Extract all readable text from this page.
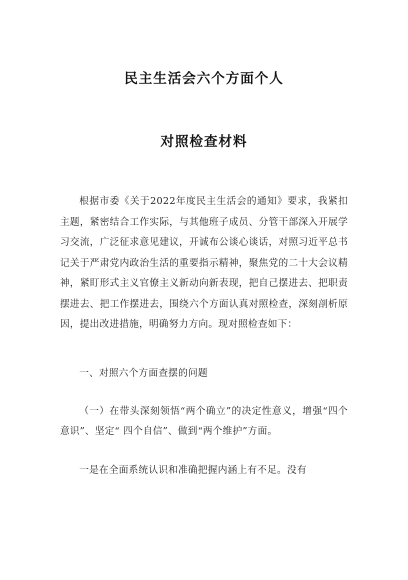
民主生活会六个方面个人
对照检查材料

根据市委《关于2022年度民主生活会的通知》要求，我紧扣主题，紧密结合工作实际，与其他班子成员、分管干部深入开展学习交流，广泛征求意见建议，开诚布公谈心谈话，对照习近平总书记关于严肃党内政治生活的重要指示精神，聚焦党的二十大会议精神，紧盯形式主义官僚主义新动向新表现，把自己摆进去、把职责摆进去、把工作摆进去，围绕六个方面认真对照检查，深刻剖析原因，提出改进措施，明确努力方向。现对照检查如下：

一、对照六个方面查摆的问题

（一）在带头深刻领悟“两个确立”的决定性意义，增强“四个意识”、坚定“ 四个自信”、做到“两个维护”方面。

一是在全面系统认识和准确把握内涵上有不足。没有
